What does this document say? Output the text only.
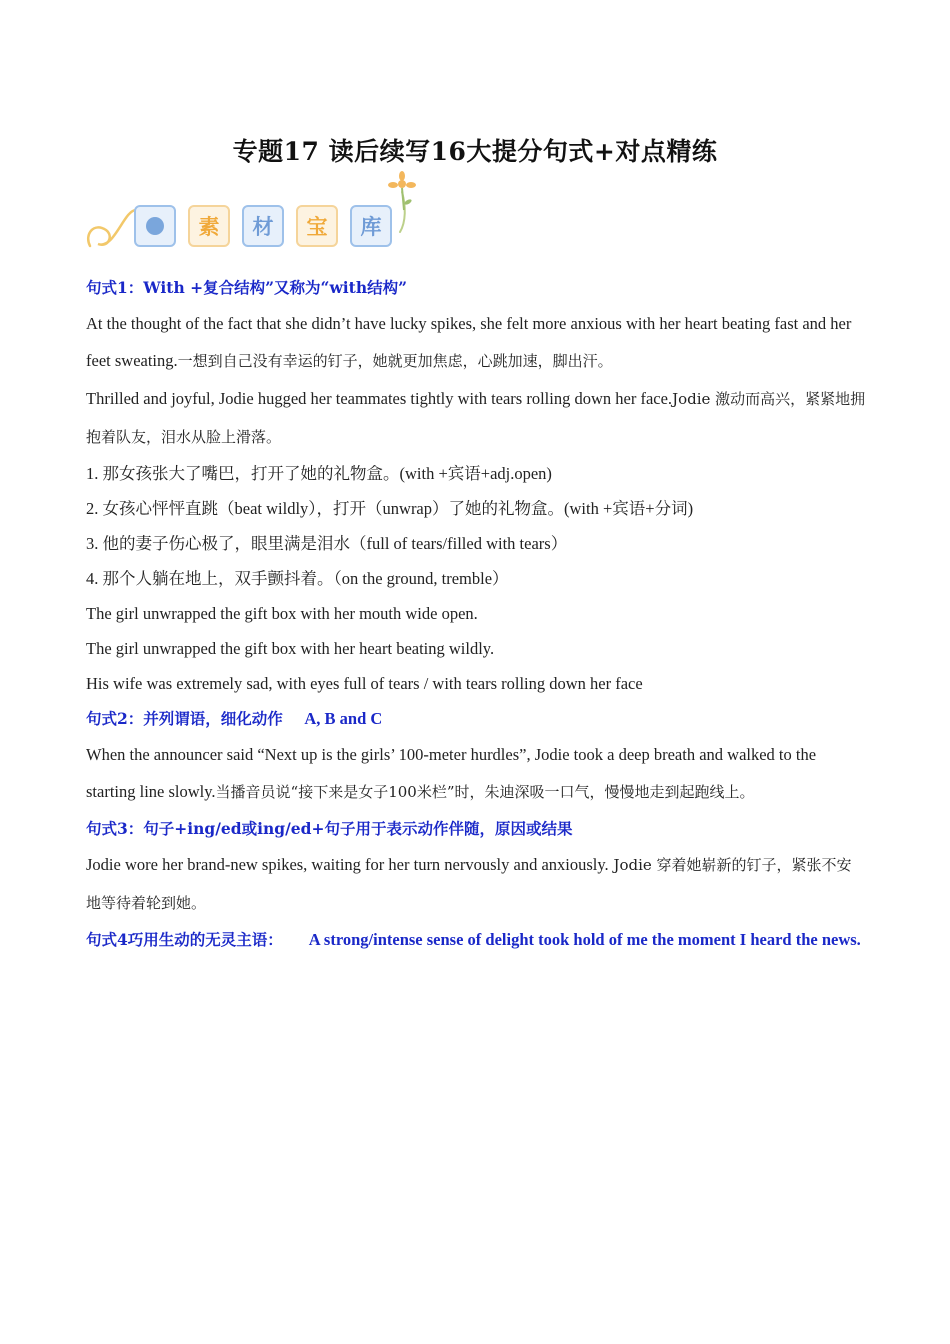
专题17 读后续写16大提分句式+对点精练
素	材	宝	库

句式1：With +复合结构”又称为“with结构”

At the thought of the fact that she didn’t have lucky spikes, she felt more anxious with her heart beating fast and her feet sweating.一想到自己没有幸运的钉子，她就更加焦虑，心跳加速，脚出汗。

Thrilled and joyful, Jodie hugged her teammates tightly with tears rolling down her face.Jodie 激动而高兴，紧紧地拥抱着队友，泪水从脸上滑落。

1. 那女孩张大了嘴巴，打开了她的礼物盒。(with +宾语+adj.open)

2. 女孩心怦怦直跳（beat wildly），打开（unwrap）了她的礼物盒。(with +宾语+分词)

3. 他的妻子伤心极了，眼里满是泪水（full of tears/filled with tears）

4. 那个人躺在地上，双手颤抖着。（on the ground, tremble）

The girl unwrapped the gift box with her mouth wide open.

The girl unwrapped the gift box with her heart beating wildly.

His wife was extremely sad, with eyes full of tears / with tears rolling down her face

句式2：并列谓语，细化动作 A, B and C

When the announcer said “Next up is the girls’ 100-meter hurdles”, Jodie took a deep breath and walked to the starting line slowly.当播音员说“接下来是女子100米栏”时，朱迪深吸一口气，慢慢地走到起跑线上。

句式3：句子+ing/ed或ing/ed+句子用于表示动作伴随，原因或结果

Jodie wore her brand-new spikes, waiting for her turn nervously and anxiously. Jodie 穿着她崭新的钉子，紧张不安地等待着轮到她。

句式4巧用生动的无灵主语：	A strong/intense sense of delight took hold of me the moment I heard the news.
